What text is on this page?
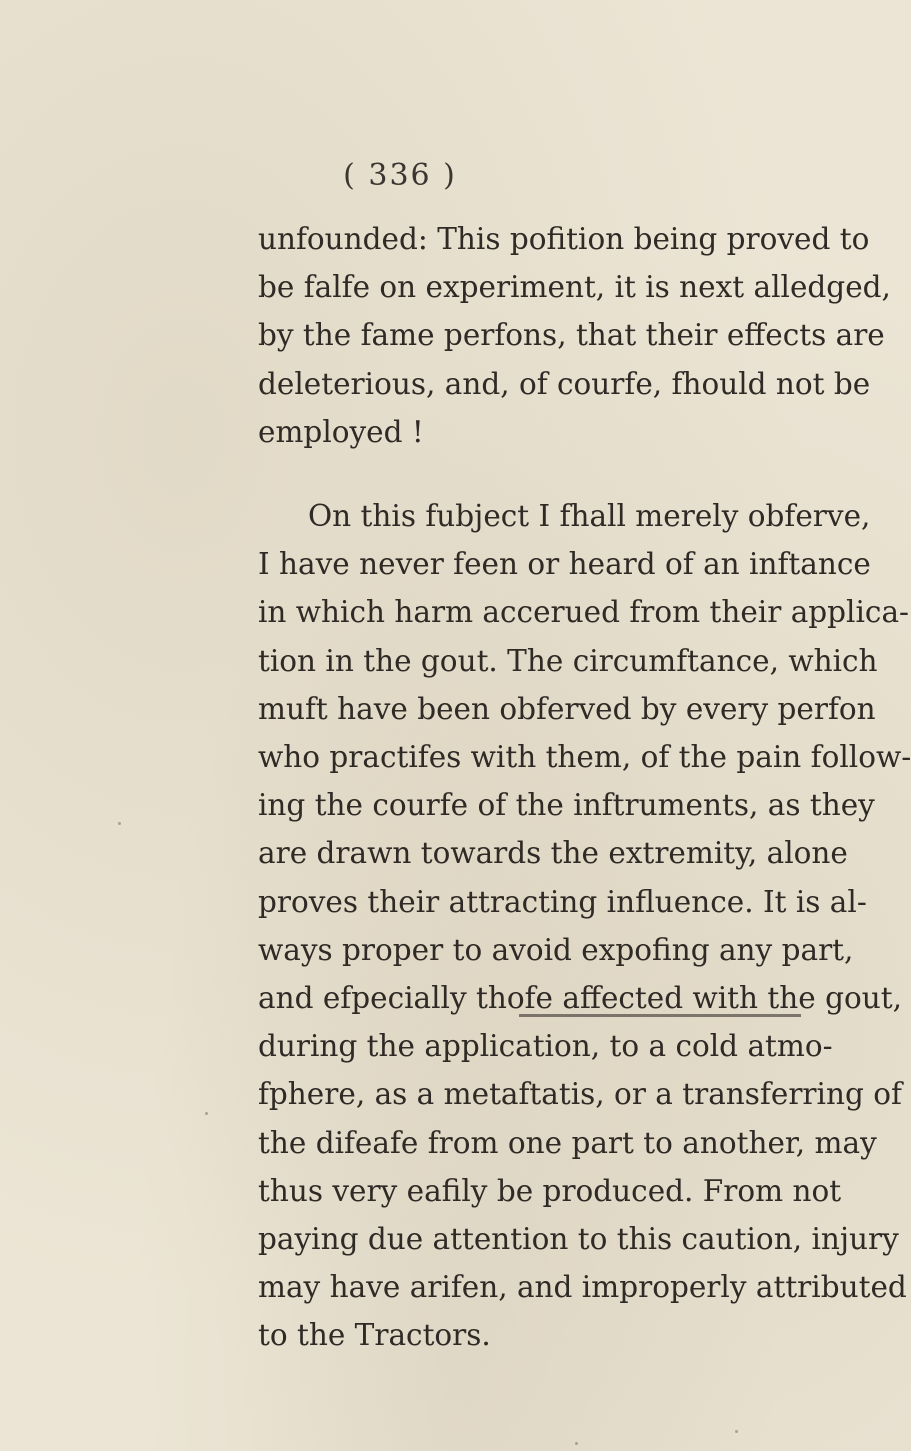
( 336 )
unfounded: This pofition being proved to
be falfe on experiment, it is next alledged,
by the fame perfons, that their effects are
deleterious, and, of courfe, fhould not be
employed !
On this fubject I fhall merely obferve,
I have never feen or heard of an inftance
in which harm accerued from their applica-
tion in the gout. The circumftance, which
muft have been obferved by every perfon
who practifes with them, of the pain follow-
ing the courfe of the inftruments, as they
are drawn towards the extremity, alone
proves their attracting influence. It is al-
ways proper to avoid expofing any part,
and efpecially thofe affected with the gout,
during the application, to a cold atmo-
fphere, as a metaftatis, or a transferring of
the difeafe from one part to another, may
thus very eafily be produced. From not
paying due attention to this caution, injury
may have arifen, and improperly attributed
to the Tractors.
